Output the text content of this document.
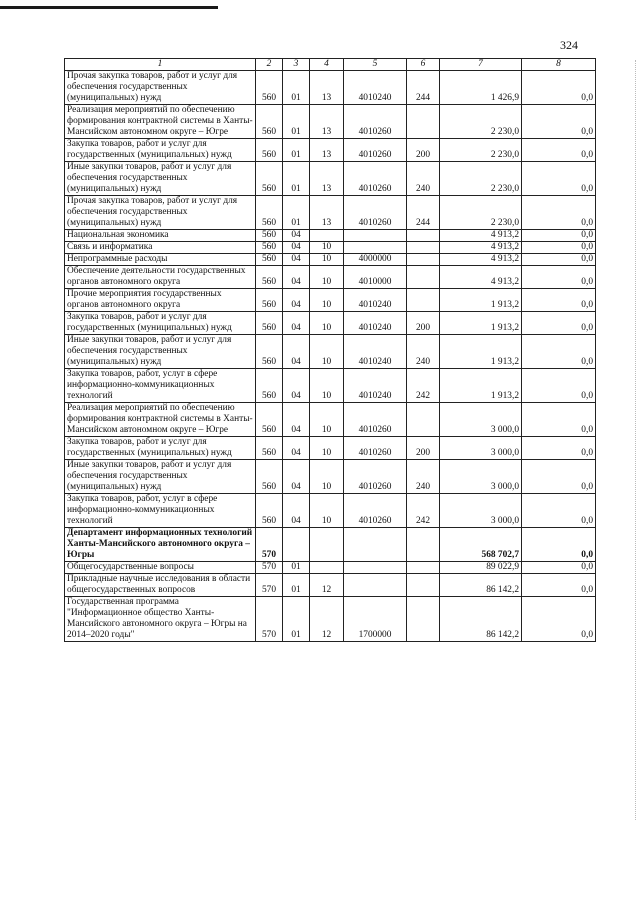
324
1	2	3	4	5	6	7	8
Прочая закупка товаров, работ и услуг для обеспечения государственных (муниципальных) нужд	560	01	13	4010240	244	1 426,9	0,0
Реализация мероприятий по обеспечению формирования контрактной системы в Ханты-Мансийском автономном округе – Югре	560	01	13	4010260		2 230,0	0,0
Закупка товаров, работ и услуг для государственных (муниципальных) нужд	560	01	13	4010260	200	2 230,0	0,0
Иные закупки товаров, работ и услуг для обеспечения государственных (муниципальных) нужд	560	01	13	4010260	240	2 230,0	0,0
Прочая закупка товаров, работ и услуг для обеспечения государственных (муниципальных) нужд	560	01	13	4010260	244	2 230,0	0,0
Национальная экономика	560	04				4 913,2	0,0
Связь и информатика	560	04	10			4 913,2	0,0
Непрограммные расходы	560	04	10	4000000		4 913,2	0,0
Обеспечение деятельности государственных органов автономного округа	560	04	10	4010000		4 913,2	0,0
Прочие мероприятия государственных органов автономного округа	560	04	10	4010240		1 913,2	0,0
Закупка товаров, работ и услуг для государственных (муниципальных) нужд	560	04	10	4010240	200	1 913,2	0,0
Иные закупки товаров, работ и услуг для обеспечения государственных (муниципальных) нужд	560	04	10	4010240	240	1 913,2	0,0
Закупка товаров, работ, услуг в сфере информационно-коммуникационных технологий	560	04	10	4010240	242	1 913,2	0,0
Реализация мероприятий по обеспечению формирования контрактной системы в Ханты-Мансийском автономном округе – Югре	560	04	10	4010260		3 000,0	0,0
Закупка товаров, работ и услуг для государственных (муниципальных) нужд	560	04	10	4010260	200	3 000,0	0,0
Иные закупки товаров, работ и услуг для обеспечения государственных (муниципальных) нужд	560	04	10	4010260	240	3 000,0	0,0
Закупка товаров, работ, услуг в сфере информационно-коммуникационных технологий	560	04	10	4010260	242	3 000,0	0,0
Департамент информационных технологий Ханты-Мансийского автономного округа – Югры	570					568 702,7	0,0
Общегосударственные вопросы	570	01				89 022,9	0,0
Прикладные научные исследования в области общегосударственных вопросов	570	01	12			86 142,2	0,0
Государственная программа "Информационное общество Ханты-Мансийского автономного округа – Югры на 2014–2020 годы"	570	01	12	1700000		86 142,2	0,0
